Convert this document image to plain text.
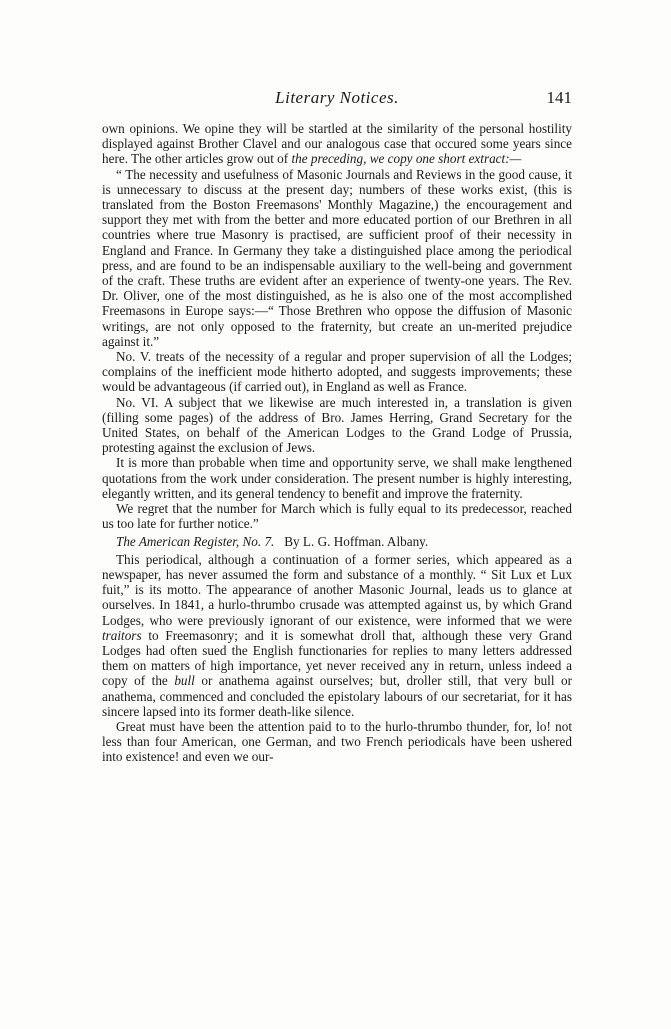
Literary Notices.	141

own opinions. We opine they will be startled at the similarity of the personal hostility displayed against Brother Clavel and our analogous case that occured some years since here. The other articles grow out of the preceding, we copy one short extract:—

“ The necessity and usefulness of Masonic Journals and Reviews in the good cause, it is unnecessary to discuss at the present day; numbers of these works exist, (this is translated from the Boston Freemasons' Monthly Magazine,) the encouragement and support they met with from the better and more educated portion of our Brethren in all countries where true Masonry is practised, are sufficient proof of their necessity in England and France. In Germany they take a distinguished place among the periodical press, and are found to be an indispensable auxiliary to the well-being and government of the craft. These truths are evident after an experience of twenty-one years. The Rev. Dr. Oliver, one of the most distinguished, as he is also one of the most accomplished Freemasons in Europe says:—“ Those Brethren who oppose the diffusion of Masonic writings, are not only opposed to the fraternity, but create an un-merited prejudice against it.”

No. V. treats of the necessity of a regular and proper supervision of all the Lodges; complains of the inefficient mode hitherto adopted, and suggests improvements; these would be advantageous (if carried out), in England as well as France.

No. VI. A subject that we likewise are much interested in, a translation is given (filling some pages) of the address of Bro. James Herring, Grand Secretary for the United States, on behalf of the American Lodges to the Grand Lodge of Prussia, protesting against the exclusion of Jews.

It is more than probable when time and opportunity serve, we shall make lengthened quotations from the work under consideration. The present number is highly interesting, elegantly written, and its general tendency to benefit and improve the fraternity.

We regret that the number for March which is fully equal to its predecessor, reached us too late for further notice.”

The American Register, No. 7. By L. G. Hoffman. Albany.

This periodical, although a continuation of a former series, which appeared as a newspaper, has never assumed the form and substance of a monthly. “ Sit Lux et Lux fuit,” is its motto. The appearance of another Masonic Journal, leads us to glance at ourselves. In 1841, a hurlo-thrumbo crusade was attempted against us, by which Grand Lodges, who were previously ignorant of our existence, were informed that we were traitors to Freemasonry; and it is somewhat droll that, although these very Grand Lodges had often sued the English functionaries for replies to many letters addressed them on matters of high importance, yet never received any in return, unless indeed a copy of the bull or anathema against ourselves; but, droller still, that very bull or anathema, commenced and concluded the epistolary labours of our secretariat, for it has sincere lapsed into its former death-like silence.

Great must have been the attention paid to to the hurlo-thrumbo thunder, for, lo! not less than four American, one German, and two French periodicals have been ushered into existence! and even we our-
